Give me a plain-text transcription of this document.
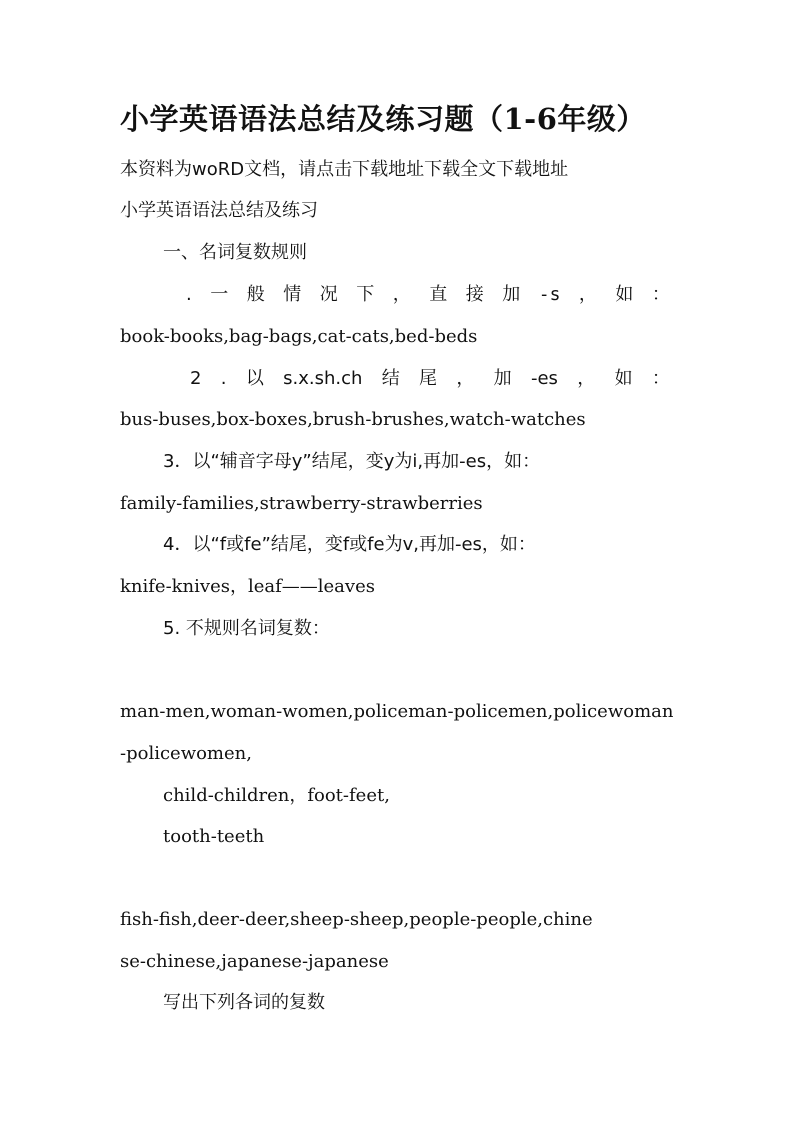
小学英语语法总结及练习题（1-6年级）
本资料为woRD文档，请点击下载地址下载全文下载地址
小学英语语法总结及练习
一、名词复数规则
. 一 般 情 况 下 ， 直 接 加 -s ， 如 ：
book-books,bag-bags,cat-cats,bed-beds
2 . 以 s.x.sh.ch 结 尾 ， 加 -es ， 如 ：
bus-buses,box-boxes,brush-brushes,watch-watches
3．以“辅音字母y”结尾，变y为i,再加-es，如：
family-families,strawberry-strawberries
4．以“f或fe”结尾，变f或fe为v,再加-es，如：
knife-knives，leaf——leaves
5. 不规则名词复数：
man-men,woman-women,policeman-policemen,policewoman
-policewomen,
child-children，foot-feet,
tooth-teeth
fish-fish,deer-deer,sheep-sheep,people-people,chine
se-chinese,japanese-japanese
写出下列各词的复数
